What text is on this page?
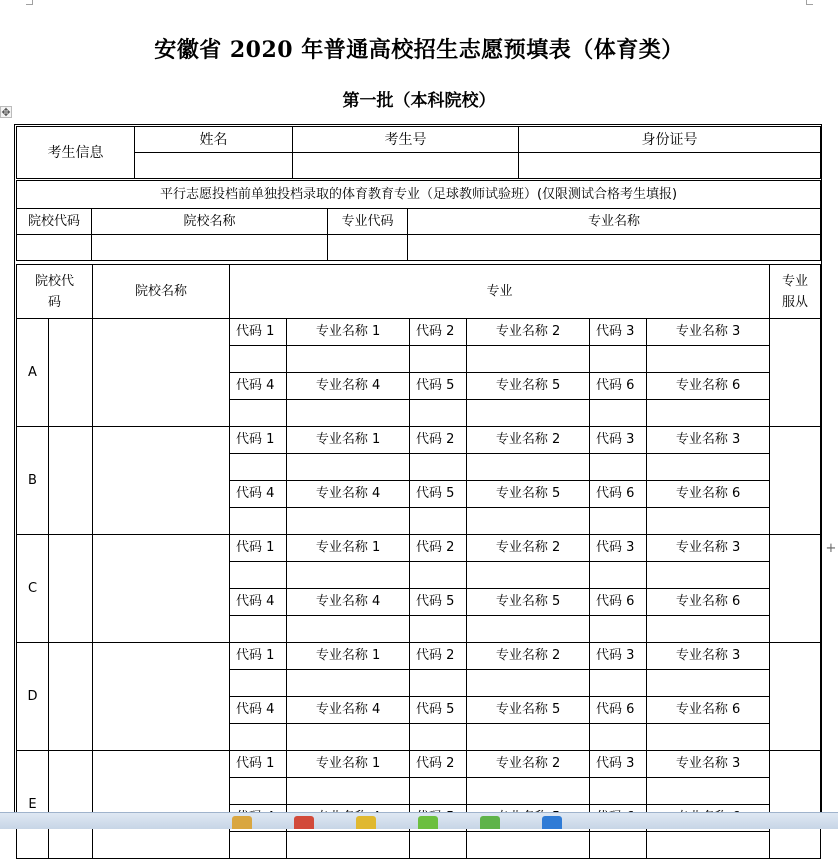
安徽省 2020 年普通高校招生志愿预填表（体育类）
第一批（本科院校）
✥
考生信息	姓名	考生号	身份证号

平行志愿投档前单独投档录取的体育教育专业（足球教师试验班）(仅限测试合格考生填报)			
院校代码	院校名称	专业代码	专业名称

院校代码		院校名称	专业						专业服从
A			代码 1	专业名称 1	代码 2	专业名称 2	代码 3	专业名称 3	

			代码 4	专业名称 4	代码 5	专业名称 5	代码 6	专业名称 6	

B			代码 1	专业名称 1	代码 2	专业名称 2	代码 3	专业名称 3	

			代码 4	专业名称 4	代码 5	专业名称 5	代码 6	专业名称 6	

C			代码 1	专业名称 1	代码 2	专业名称 2	代码 3	专业名称 3	

			代码 4	专业名称 4	代码 5	专业名称 5	代码 6	专业名称 6	

D			代码 1	专业名称 1	代码 2	专业名称 2	代码 3	专业名称 3	

			代码 4	专业名称 4	代码 5	专业名称 5	代码 6	专业名称 6	

E			代码 1	专业名称 1	代码 2	专业名称 2	代码 3	专业名称 3	

+
